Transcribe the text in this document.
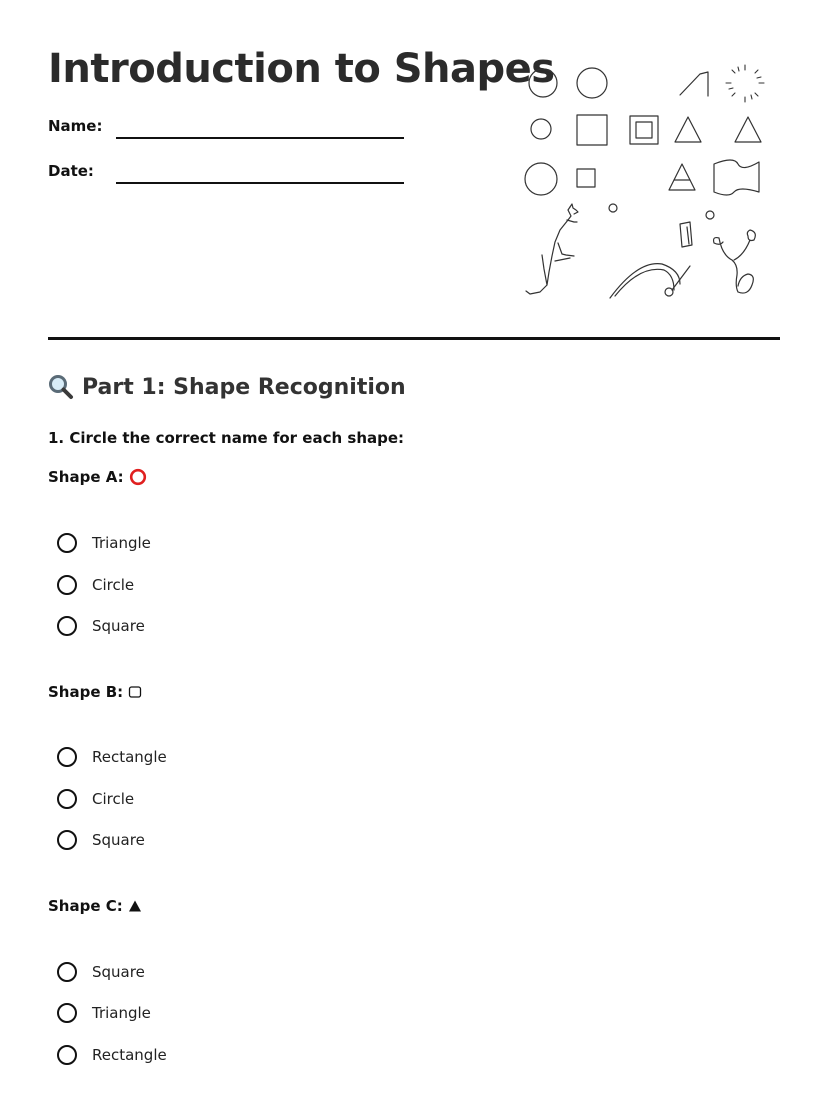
Introduction to Shapes
Name:
Date:
Part 1: Shape Recognition
1. Circle the correct name for each shape:
Shape A:
Triangle
Circle
Square
Shape B:
Rectangle
Circle
Square
Shape C:
Square
Triangle
Rectangle
